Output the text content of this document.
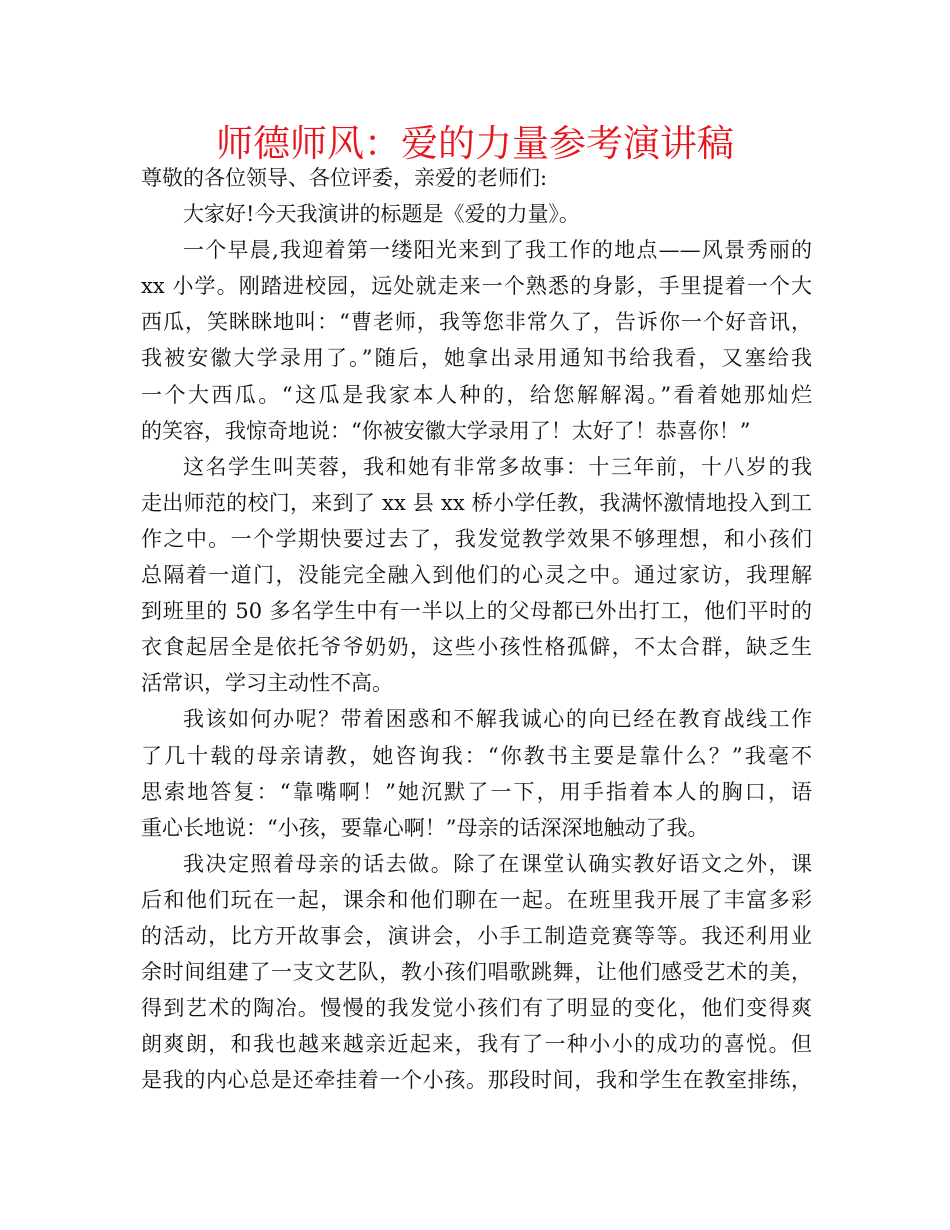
师德师风：爱的力量参考演讲稿
尊敬的各位领导、各位评委，亲爱的老师们:
大家好!今天我演讲的标题是《爱的力量》。
一个早晨,我迎着第一缕阳光来到了我工作的地点——风景秀丽的
xx 小学。刚踏进校园，远处就走来一个熟悉的身影，手里提着一个大
西瓜，笑眯眯地叫：“曹老师，我等您非常久了，告诉你一个好音讯，
我被安徽大学录用了。”随后，她拿出录用通知书给我看，又塞给我
一个大西瓜。“这瓜是我家本人种的，给您解解渴。”看着她那灿烂
的笑容，我惊奇地说：“你被安徽大学录用了！太好了！恭喜你！”
这名学生叫芙蓉，我和她有非常多故事：十三年前，十八岁的我
走出师范的校门，来到了 xx 县 xx 桥小学任教，我满怀激情地投入到工
作之中。一个学期快要过去了，我发觉教学效果不够理想，和小孩们
总隔着一道门，没能完全融入到他们的心灵之中。通过家访，我理解
到班里的 50 多名学生中有一半以上的父母都已外出打工，他们平时的
衣食起居全是依托爷爷奶奶，这些小孩性格孤僻，不太合群，缺乏生
活常识，学习主动性不高。
我该如何办呢？带着困惑和不解我诚心的向已经在教育战线工作
了几十载的母亲请教，她咨询我：“你教书主要是靠什么？”我毫不
思索地答复：“靠嘴啊！”她沉默了一下，用手指着本人的胸口，语
重心长地说：“小孩，要靠心啊！”母亲的话深深地触动了我。
我决定照着母亲的话去做。除了在课堂认确实教好语文之外，课
后和他们玩在一起，课余和他们聊在一起。在班里我开展了丰富多彩
的活动，比方开故事会，演讲会，小手工制造竞赛等等。我还利用业
余时间组建了一支文艺队，教小孩们唱歌跳舞，让他们感受艺术的美，
得到艺术的陶冶。慢慢的我发觉小孩们有了明显的变化，他们变得爽
朗爽朗，和我也越来越亲近起来，我有了一种小小的成功的喜悦。但
是我的内心总是还牵挂着一个小孩。那段时间，我和学生在教室排练，
